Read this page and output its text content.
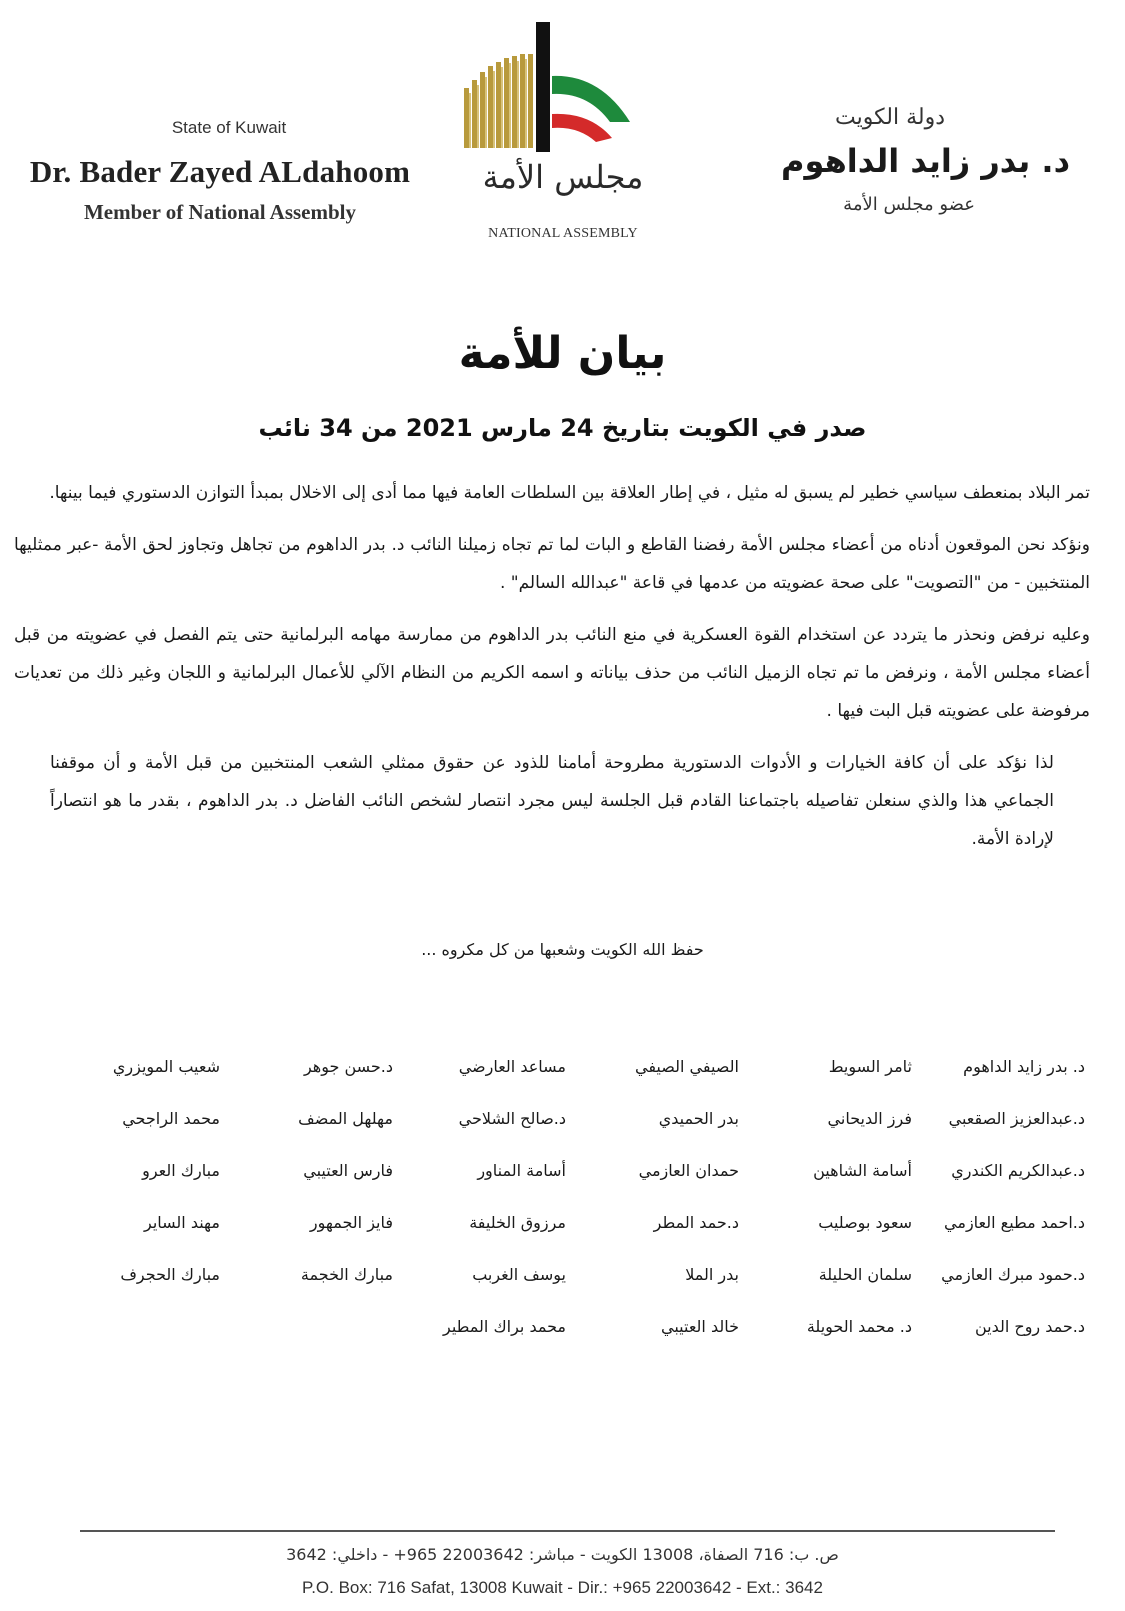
State of Kuwait
Dr. Bader Zayed ALdahoom
Member of National Assembly
مجلس الأمة
NATIONAL ASSEMBLY
دولة الكويت
د. بدر زايد الداهوم
عضو مجلس الأمة
بيان للأمة
صدر في الكويت بتاريخ 24 مارس 2021 من 34 نائب

تمر البلاد بمنعطف سياسي خطير لم يسبق له مثيل ، في إطار العلاقة بين السلطات العامة فيها مما أدى إلى الاخلال بمبدأ التوازن الدستوري فيما بينها.

ونؤكد نحن الموقعون أدناه من أعضاء مجلس الأمة رفضنا القاطع و البات لما تم تجاه زميلنا النائب د. بدر الداهوم من تجاهل وتجاوز لحق الأمة -عبر ممثليها المنتخبين - من "التصويت" على صحة عضويته من عدمها في قاعة "عبدالله السالم" .

وعليه نرفض ونحذر ما يتردد عن استخدام القوة العسكرية في منع النائب بدر الداهوم من ممارسة مهامه البرلمانية حتى يتم الفصل في عضويته من قبل أعضاء مجلس الأمة ، ونرفض ما تم تجاه الزميل النائب من حذف بياناته و اسمه الكريم من النظام الآلي للأعمال البرلمانية و اللجان وغير ذلك من تعديات مرفوضة على عضويته قبل البت فيها .

لذا نؤكد على أن كافة الخيارات و الأدوات الدستورية مطروحة أمامنا للذود عن حقوق ممثلي الشعب المنتخبين من قبل الأمة و أن موقفنا الجماعي هذا والذي سنعلن تفاصيله باجتماعنا القادم قبل الجلسة ليس مجرد انتصار لشخص النائب الفاضل د. بدر الداهوم ، بقدر ما هو انتصاراً لإرادة الأمة.

حفظ الله الكويت وشعبها من كل مكروه ...
د. بدر زايد الداهوم
ثامر السويط
الصيفي الصيفي
مساعد العارضي
د.حسن جوهر
شعيب المويزري
د.عبدالعزيز الصقعبي
فرز الديحاني
بدر الحميدي
د.صالح الشلاحي
مهلهل المضف
محمد الراجحي
د.عبدالكريم الكندري
أسامة الشاهين
حمدان العازمي
أسامة المناور
فارس العتيبي
مبارك العرو
د.احمد مطيع العازمي
سعود بوصليب
د.حمد المطر
مرزوق الخليفة
فايز الجمهور
مهند الساير
د.حمود مبرك العازمي
سلمان الحليلة
بدر الملا
يوسف الغربب
مبارك الخجمة
مبارك الحجرف
د.حمد روح الدين
د. محمد الحويلة
خالد العتيبي
محمد براك المطير
ص. ب: 716 الصفاة، 13008 الكويت - مباشر: 22003642 965+ - داخلي: 3642
P.O. Box: 716 Safat, 13008 Kuwait - Dir.: +965 22003642 - Ext.: 3642
